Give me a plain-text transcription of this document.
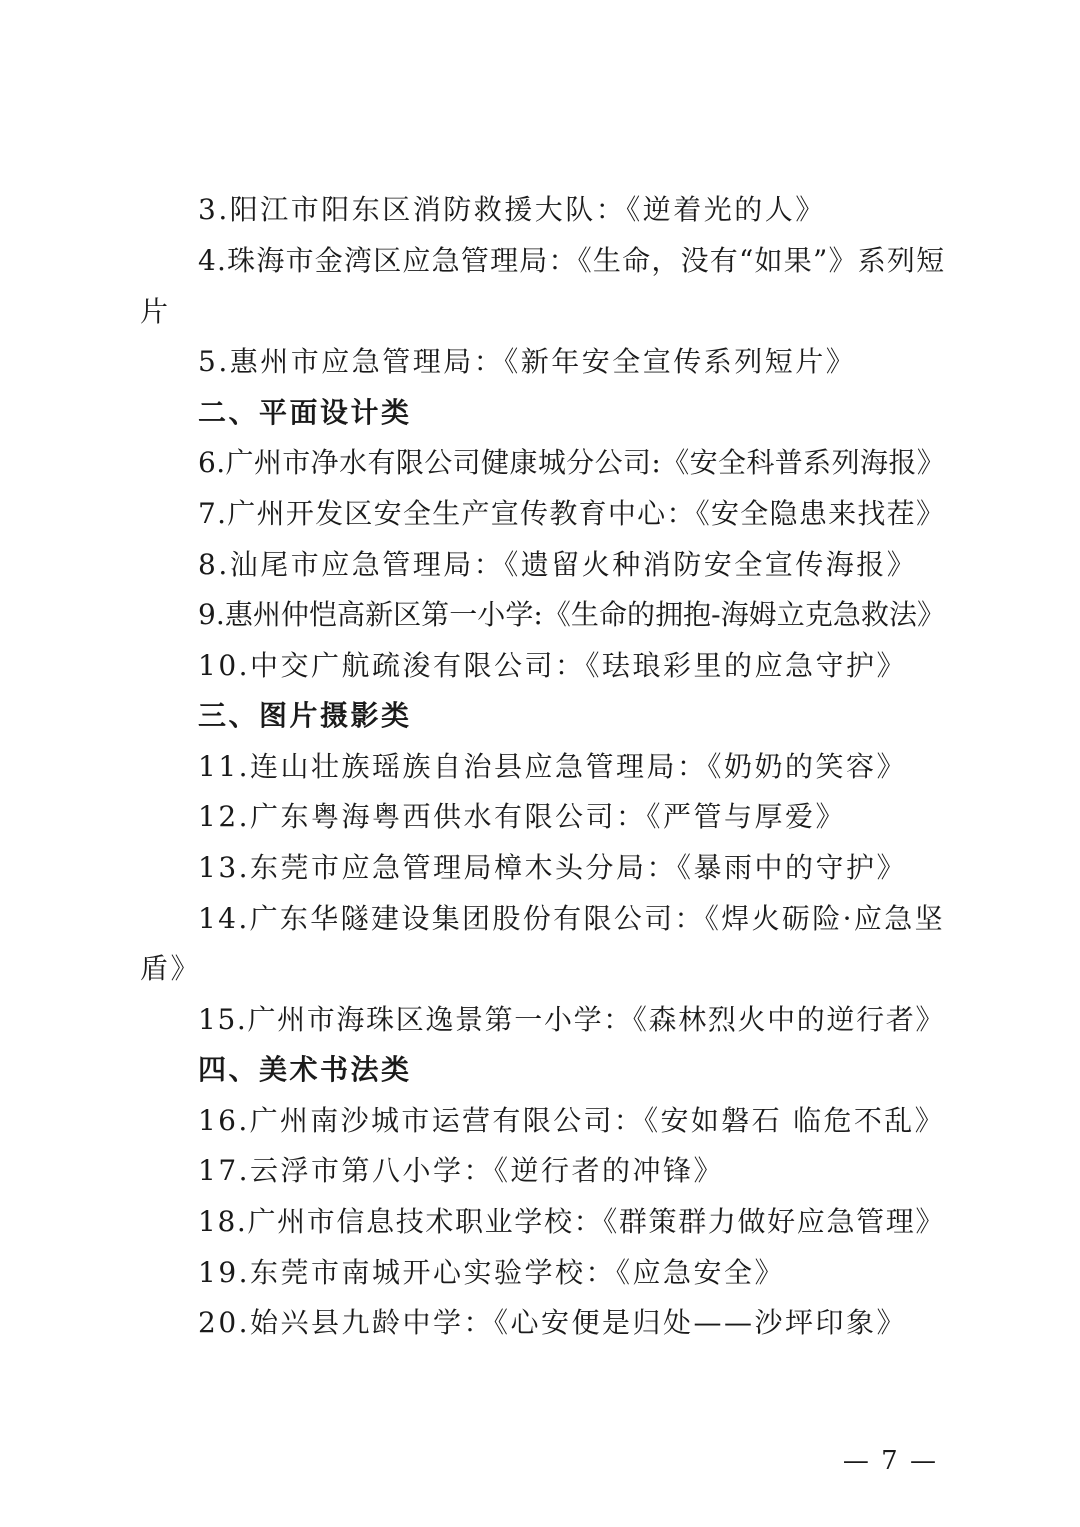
3.阳江市阳东区消防救援大队：《逆着光的人》
4.珠海市金湾区应急管理局：《生命，没有“如果”》系列短
片
5.惠州市应急管理局：《新年安全宣传系列短片》
二、平面设计类
6.广州市净水有限公司健康城分公司:《安全科普系列海报》
7.广州开发区安全生产宣传教育中心：《安全隐患来找茬》
8.汕尾市应急管理局：《遗留火种消防安全宣传海报》
9.惠州仲恺高新区第一小学:《生命的拥抱-海姆立克急救法》
10.中交广航疏浚有限公司：《珐琅彩里的应急守护》
三、图片摄影类
11.连山壮族瑶族自治县应急管理局：《奶奶的笑容》
12.广东粤海粤西供水有限公司：《严管与厚爱》
13.东莞市应急管理局樟木头分局：《暴雨中的守护》
14.广东华隧建设集团股份有限公司：《焊火砺险·应急坚
盾》
15.广州市海珠区逸景第一小学：《森林烈火中的逆行者》
四、美术书法类
16.广州南沙城市运营有限公司：《安如磐石 临危不乱》
17.云浮市第八小学：《逆行者的冲锋》
18.广州市信息技术职业学校：《群策群力做好应急管理》
19.东莞市南城开心实验学校：《应急安全》
20.始兴县九龄中学：《心安便是归处——沙坪印象》
— 7 —
